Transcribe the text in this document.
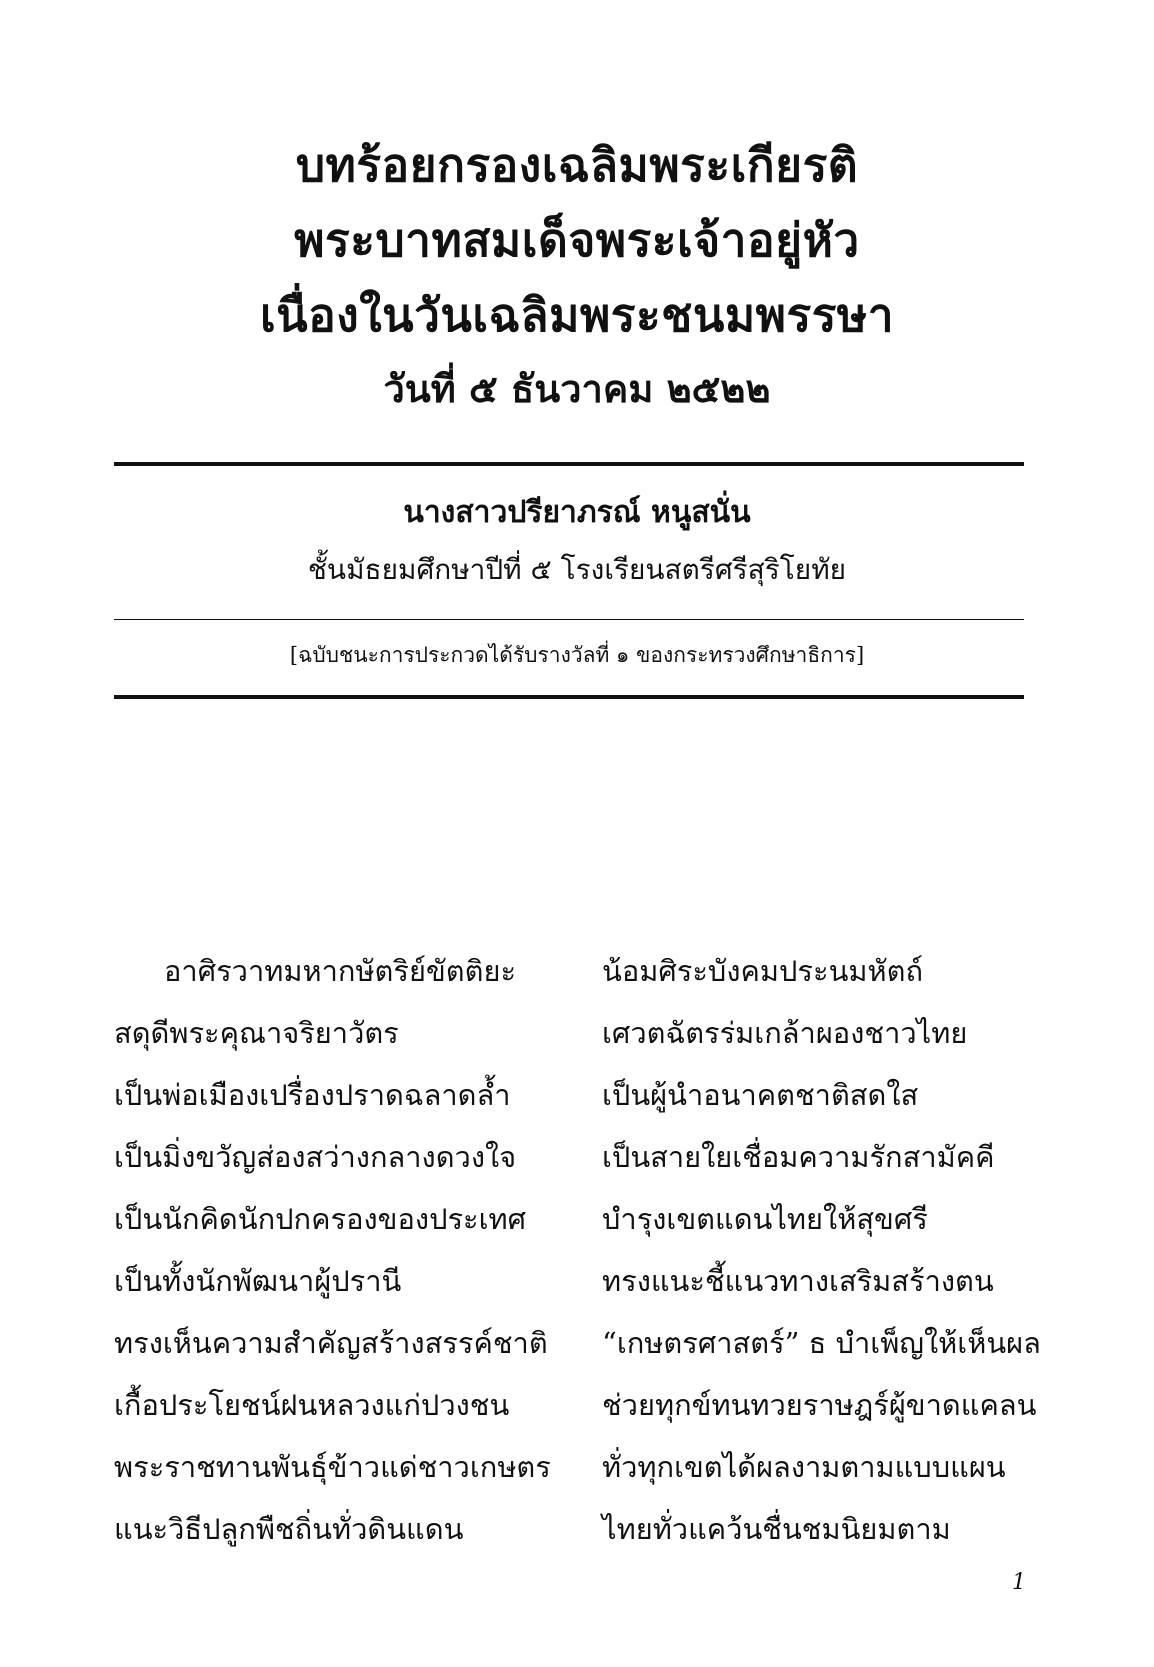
บทร้อยกรองเฉลิมพระเกียรติ
พระบาทสมเด็จพระเจ้าอยู่หัว
เนื่องในวันเฉลิมพระชนมพรรษา
วันที่ ๕ ธันวาคม ๒๕๒๒
นางสาวปรียาภรณ์ หนูสนั่น
ชั้นมัธยมศึกษาปีที่ ๕ โรงเรียนสตรีศรีสุริโยทัย
[ฉบับชนะการประกวดได้รับรางวัลที่ ๑ ของกระทรวงศึกษาธิการ]
อาศิรวาทมหากษัตริย์ขัตติยะ	น้อมศิระบังคมประนมหัตถ์
สดุดีพระคุณาจริยาวัตร	เศวตฉัตรร่มเกล้าผองชาวไทย
เป็นพ่อเมืองเปรื่องปราดฉลาดล้ำ	เป็นผู้นำอนาคตชาติสดใส
เป็นมิ่งขวัญส่องสว่างกลางดวงใจ	เป็นสายใยเชื่อมความรักสามัคคี
เป็นนักคิดนักปกครองของประเทศ	บำรุงเขตแดนไทยให้สุขศรี
เป็นทั้งนักพัฒนาผู้ปรานี	ทรงแนะชี้แนวทางเสริมสร้างตน
ทรงเห็นความสำคัญสร้างสรรค์ชาติ	“เกษตรศาสตร์” ธ บำเพ็ญให้เห็นผล
เกื้อประโยชน์ฝนหลวงแก่ปวงชน	ช่วยทุกข์ทนทวยราษฎร์ผู้ขาดแคลน
พระราชทานพันธุ์ข้าวแด่ชาวเกษตร	ทั่วทุกเขตได้ผลงามตามแบบแผน
แนะวิธีปลูกพืชถิ่นทั่วดินแดน	ไทยทั่วแคว้นชื่นชมนิยมตาม
1
